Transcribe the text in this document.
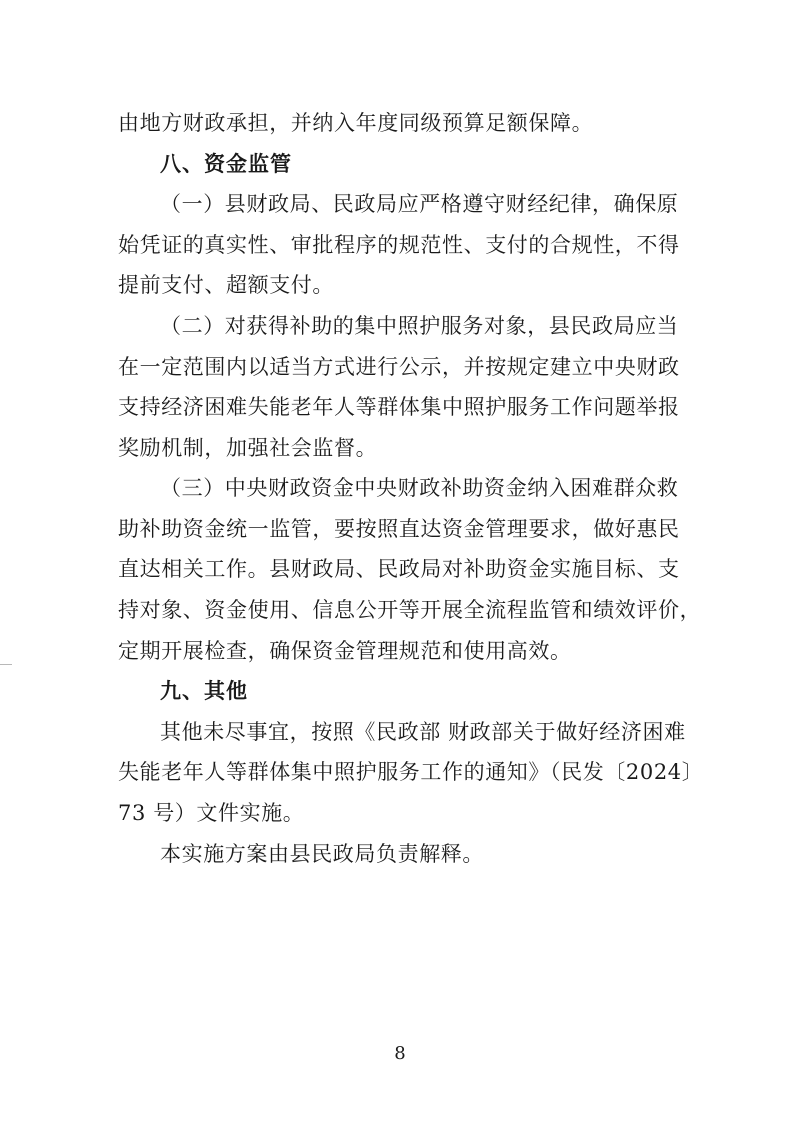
由地方财政承担，并纳入年度同级预算足额保障。
八、资金监管
（一）县财政局、民政局应严格遵守财经纪律，确保原
始凭证的真实性、审批程序的规范性、支付的合规性，不得
提前支付、超额支付。
（二）对获得补助的集中照护服务对象，县民政局应当
在一定范围内以适当方式进行公示，并按规定建立中央财政
支持经济困难失能老年人等群体集中照护服务工作问题举报
奖励机制，加强社会监督。
（三）中央财政资金中央财政补助资金纳入困难群众救
助补助资金统一监管，要按照直达资金管理要求，做好惠民
直达相关工作。县财政局、民政局对补助资金实施目标、支
持对象、资金使用、信息公开等开展全流程监管和绩效评价，
定期开展检查，确保资金管理规范和使用高效。
九、其他
其他未尽事宜，按照《民政部 财政部关于做好经济困难
失能老年人等群体集中照护服务工作的通知》（民发〔2024〕
73 号）文件实施。
本实施方案由县民政局负责解释。
8
